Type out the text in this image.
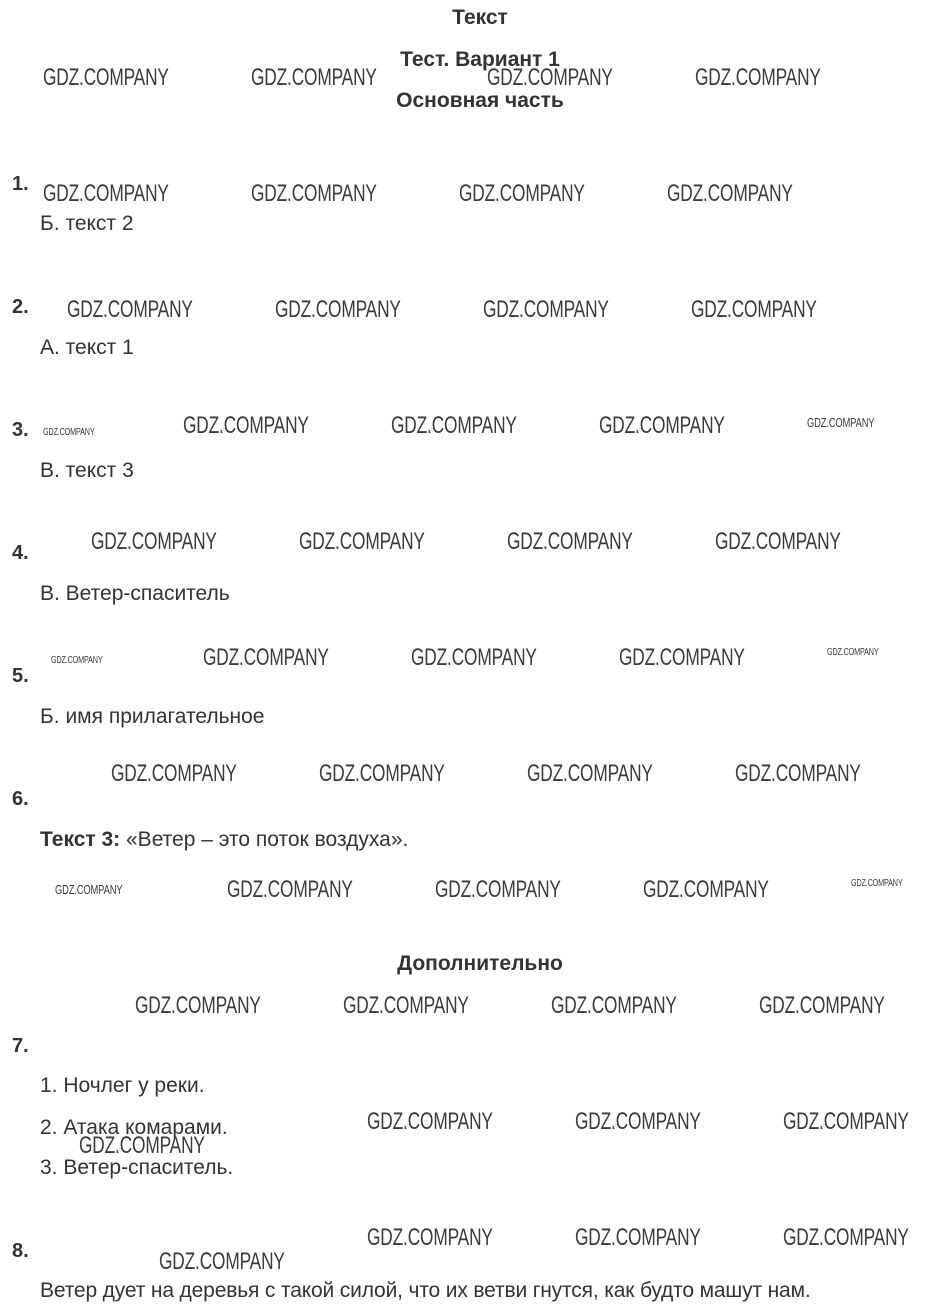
Текст
Тест. Вариант 1
Основная часть
Дополнительно
1.
Б. текст 2
2.
А. текст 1
3.
В. текст 3
4.
В. Ветер-спаситель
5.
Б. имя прилагательное
6.
Текст 3: «Ветер – это поток воздуха».
7.
1. Ночлег у реки.
2. Атака комарами.
3. Ветер-спаситель.
8.
Ветер дует на деревья с такой силой, что их ветви гнутся, как будто машут нам.
GDZ.COMPANY	GDZ.COMPANY	GDZ.COMPANY	GDZ.COMPANY
GDZ.COMPANY	GDZ.COMPANY	GDZ.COMPANY	GDZ.COMPANY
GDZ.COMPANY	GDZ.COMPANY	GDZ.COMPANY	GDZ.COMPANY
GDZ.COMPANY	GDZ.COMPANY	GDZ.COMPANY	GDZ.COMPANY	GDZ.COMPANY
GDZ.COMPANY	GDZ.COMPANY	GDZ.COMPANY	GDZ.COMPANY
GDZ.COMPANY	GDZ.COMPANY	GDZ.COMPANY	GDZ.COMPANY	GDZ.COMPANY
GDZ.COMPANY	GDZ.COMPANY	GDZ.COMPANY	GDZ.COMPANY
GDZ.COMPANY	GDZ.COMPANY	GDZ.COMPANY	GDZ.COMPANY	GDZ.COMPANY
GDZ.COMPANY	GDZ.COMPANY	GDZ.COMPANY	GDZ.COMPANY
GDZ.COMPANY	GDZ.COMPANY	GDZ.COMPANY
GDZ.COMPANY
GDZ.COMPANY	GDZ.COMPANY	GDZ.COMPANY
GDZ.COMPANY
